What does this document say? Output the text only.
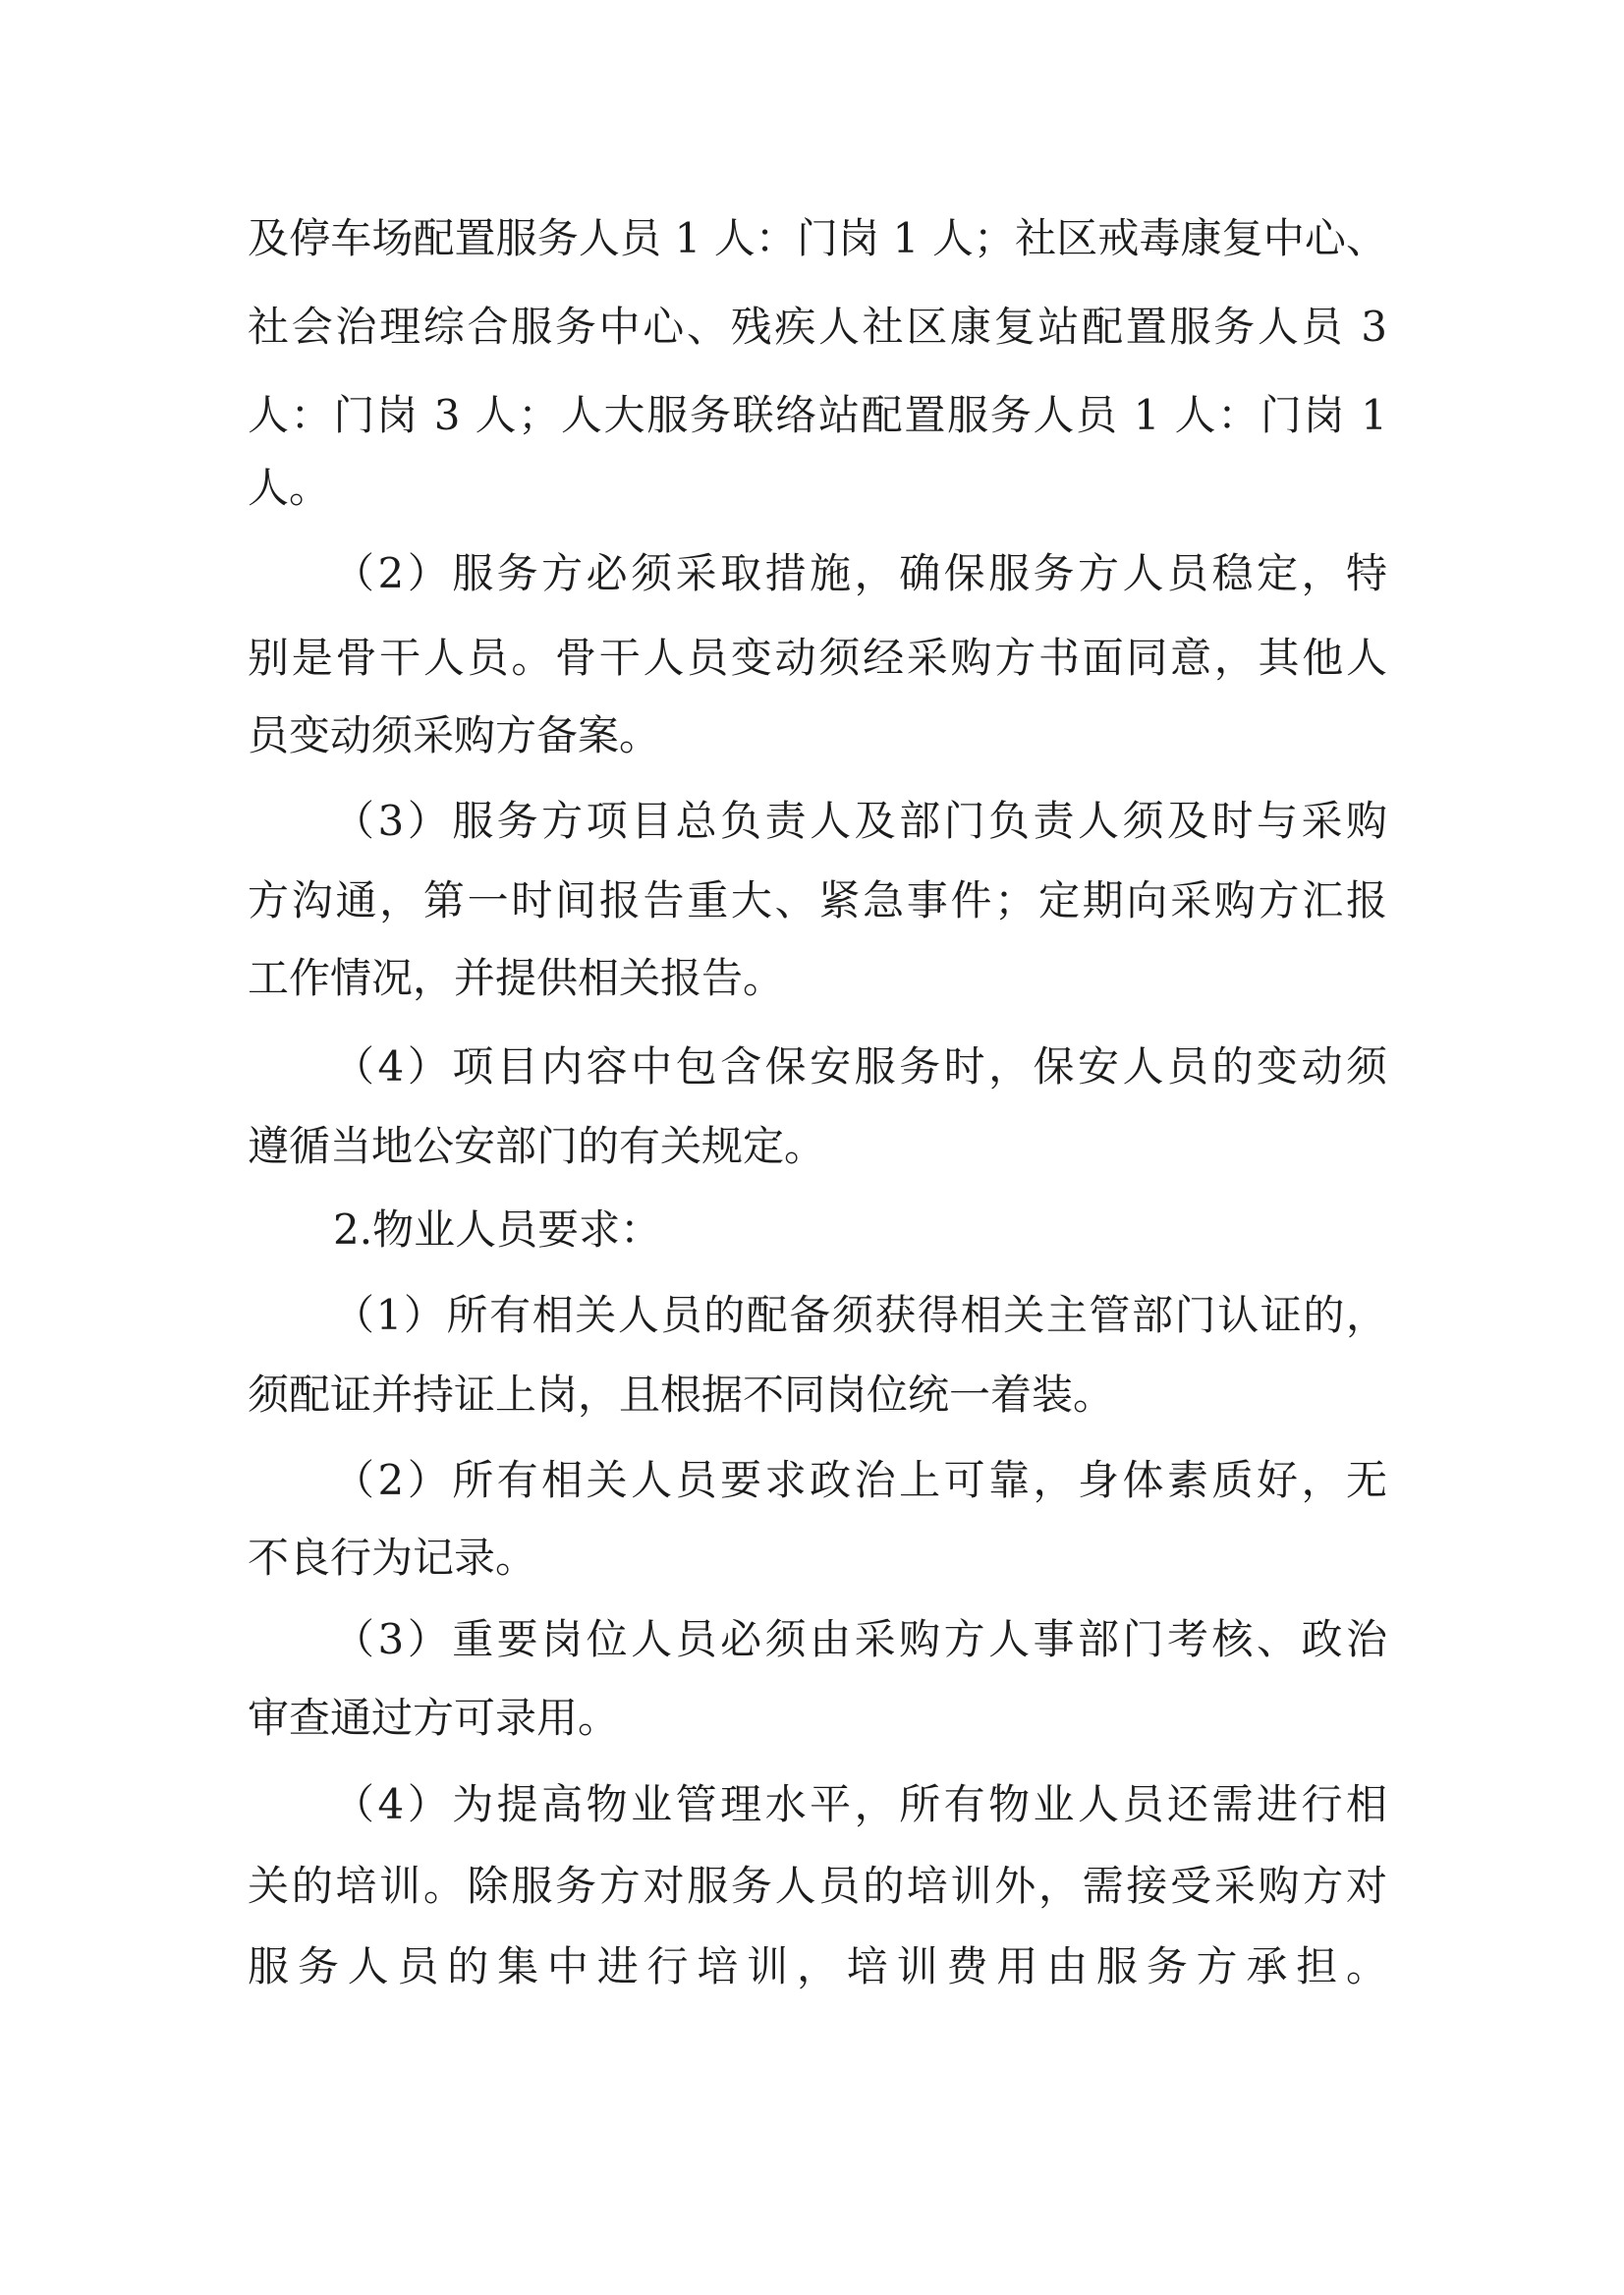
及停车场配置服务人员 1 人：门岗 1 人；社区戒毒康复中心、
社会治理综合服务中心、残疾人社区康复站配置服务人员 3
人：门岗 3 人；人大服务联络站配置服务人员 1 人：门岗 1
人。
（2）服务方必须采取措施，确保服务方人员稳定，特
别是骨干人员。骨干人员变动须经采购方书面同意，其他人
员变动须采购方备案。
（3）服务方项目总负责人及部门负责人须及时与采购
方沟通，第一时间报告重大、紧急事件；定期向采购方汇报
工作情况，并提供相关报告。
（4）项目内容中包含保安服务时，保安人员的变动须
遵循当地公安部门的有关规定。
2.物业人员要求：
（1）所有相关人员的配备须获得相关主管部门认证的，
须配证并持证上岗，且根据不同岗位统一着装。
（2）所有相关人员要求政治上可靠，身体素质好，无
不良行为记录。
（3）重要岗位人员必须由采购方人事部门考核、政治
审查通过方可录用。
（4）为提高物业管理水平，所有物业人员还需进行相
关的培训。除服务方对服务人员的培训外，需接受采购方对
服务人员的集中进行培训，培训费用由服务方承担。
